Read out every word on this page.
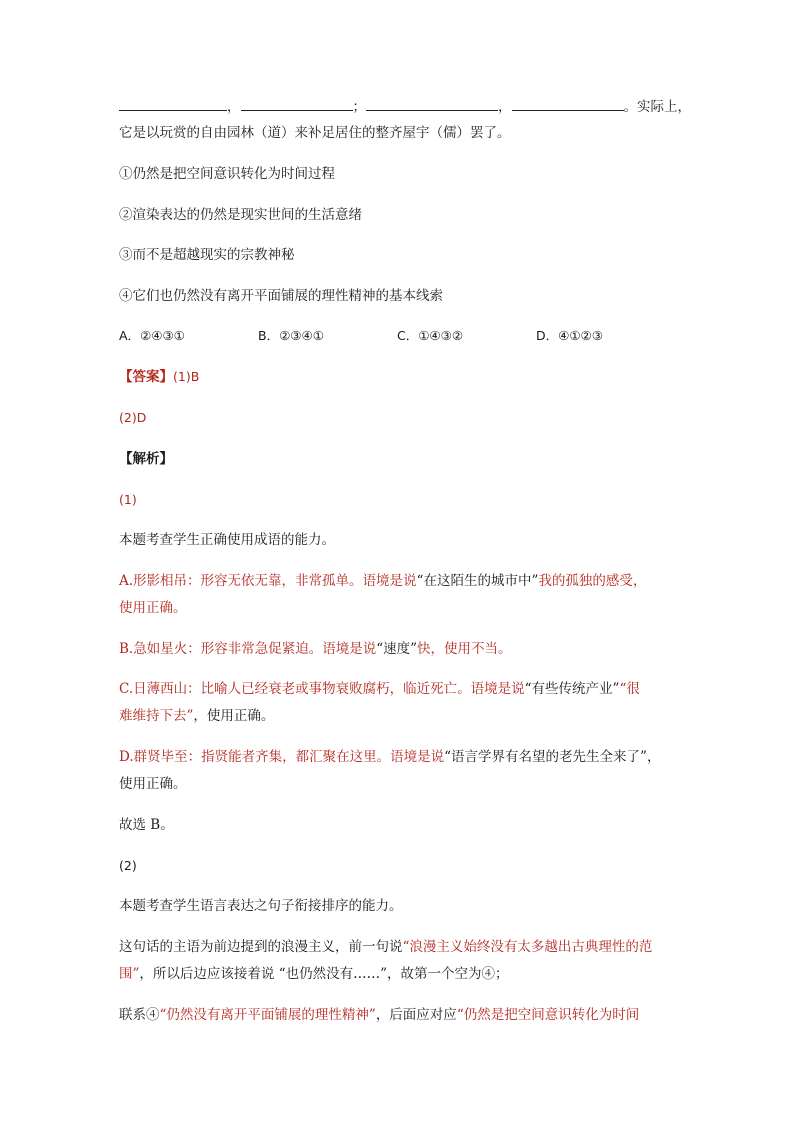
，	；	，	。实际上，
它是以玩赏的自由园林（道）来补足居住的整齐屋宇（儒）罢了。
①仍然是把空间意识转化为时间过程
②渲染表达的仍然是现实世间的生活意绪
③而不是超越现实的宗教神秘
④它们也仍然没有离开平面铺展的理性精神的基本线索
A．②④③①	B．②③④①	C．①④③②	D．④①②③
【答案】(1)B
(2)D
【解析】
(1)
本题考查学生正确使用成语的能力。
A.形影相吊：形容无依无靠，非常孤单。语境是说“在这陌生的城市中”我的孤独的感受，
使用正确。
B.急如星火：形容非常急促紧迫。语境是说“速度”快，使用不当。
C.日薄西山：比喻人已经衰老或事物衰败腐朽，临近死亡。语境是说“有些传统产业”“很
难维持下去”，使用正确。
D.群贤毕至：指贤能者齐集，都汇聚在这里。语境是说“语言学界有名望的老先生全来了”，
使用正确。
故选 B。
(2)
本题考查学生语言表达之句子衔接排序的能力。
这句话的主语为前边提到的浪漫主义，前一句说“浪漫主义始终没有太多越出古典理性的范
围”，所以后边应该接着说 “也仍然没有……”，故第一个空为④；
联系④“仍然没有离开平面铺展的理性精神”，后面应对应“仍然是把空间意识转化为时间
